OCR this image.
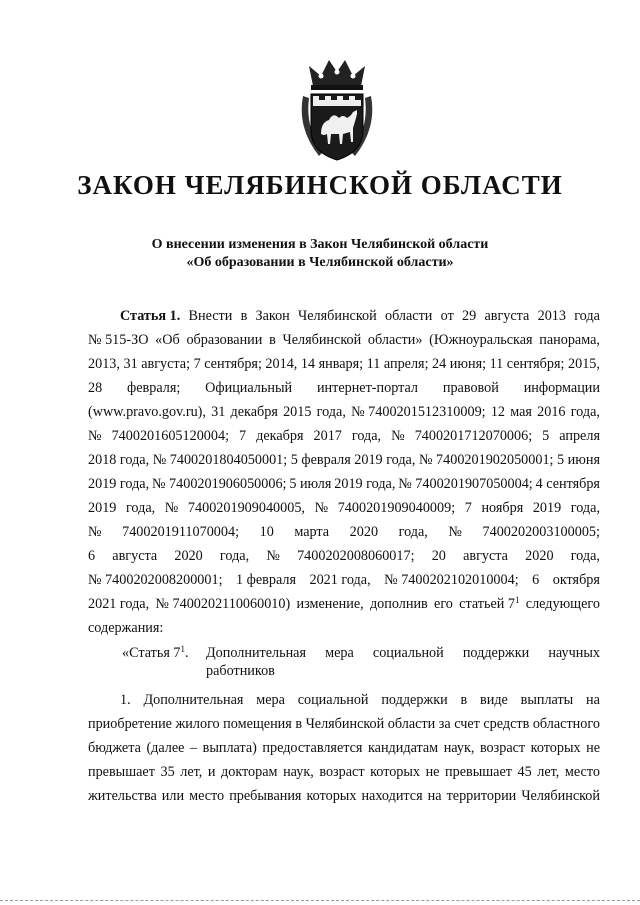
ЗАКОН ЧЕЛЯБИНСКОЙ ОБЛАСТИ
О внесении изменения в Закон Челябинской области
«Об образовании в Челябинской области»
Статья 1. Внести в Закон Челябинской области от 29 августа 2013 года
№ 515-ЗО «Об образовании в Челябинской области» (Южноуральская панорама,
2013, 31 августа; 7 сентября; 2014, 14 января; 11 апреля; 24 июня; 11 сентября; 2015,
28 февраля; Официальный интернет-портал правовой информации
(www.pravo.gov.ru), 31 декабря 2015 года, № 7400201512310009; 12 мая 2016 года,
№ 7400201605120004; 7 декабря 2017 года, № 7400201712070006; 5 апреля
2018 года, № 7400201804050001; 5 февраля 2019 года, № 7400201902050001; 5 июня
2019 года, № 7400201906050006; 5 июля 2019 года, № 7400201907050004; 4 сентября
2019 года, № 7400201909040005, № 7400201909040009; 7 ноября 2019 года,
№ 7400201911070004; 10 марта 2020 года, № 7400202003100005;
6 августа 2020 года, № 7400202008060017; 20 августа 2020 года,
№ 7400202008200001; 1 февраля 2021 года, № 7400202102010004; 6 октября
2021 года, № 7400202110060010) изменение, дополнив его статьей $7^1$ следующего
содержания:
«Статья $7^1$. Дополнительная мера социальной поддержки научных
работников
1. Дополнительная мера социальной поддержки в виде выплаты на
приобретение жилого помещения в Челябинской области за счет средств областного
бюджета (далее – выплата) предоставляется кандидатам наук, возраст которых не
превышает 35 лет, и докторам наук, возраст которых не превышает 45 лет, место
жительства или место пребывания которых находится на территории Челябинской
